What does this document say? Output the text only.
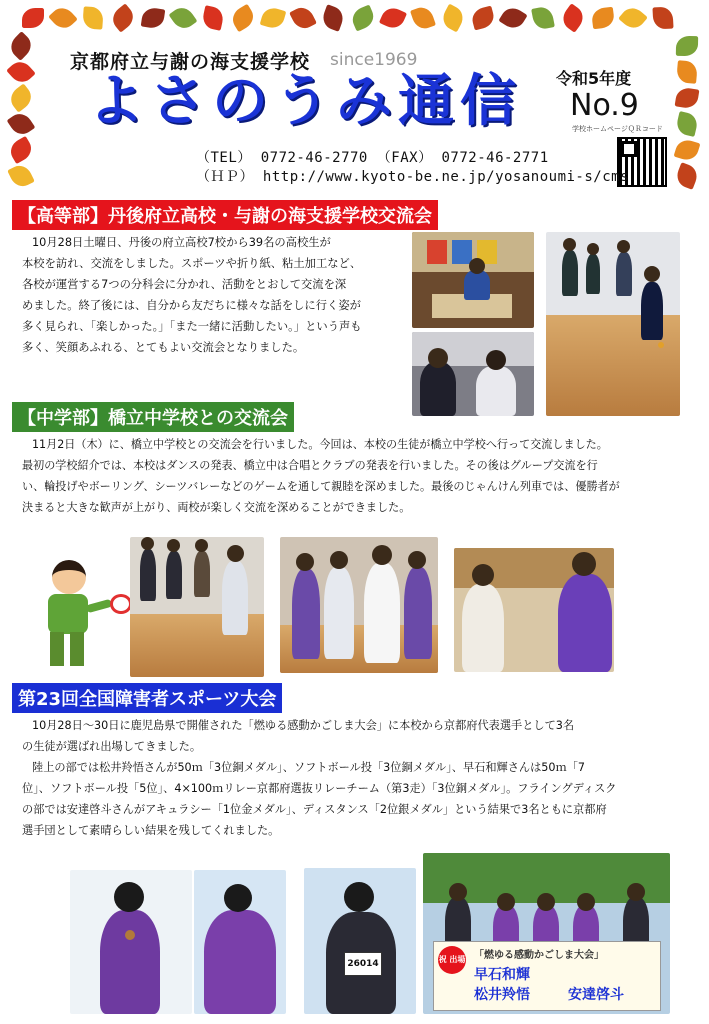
京都府立与謝の海支援学校 since1969
よさのうみ通信 令和5年度
No.9
学校ホームページＱＲコード
（TEL） 0772-46-2770 （FAX） 0772-46-2771
（ＨＰ） http://www.kyoto-be.ne.jp/yosanoumi-s/cms
【高等部】丹後府立高校・与謝の海支援学校交流会
10月28日土曜日、丹後の府立高校7校から39名の高校生が
本校を訪れ、交流をしました。スポーツや折り紙、粘土加工など、
各校が運営する7つの分科会に分かれ、活動をとおして交流を深
めました。終了後には、自分から友だちに様々な話をしに行く姿が
多く見られ、「楽しかった。」「また一緒に活動したい。」という声も
多く、笑顔あふれる、とてもよい交流会となりました。
【中学部】橋立中学校との交流会
11月2日（木）に、橋立中学校との交流会を行いました。今回は、本校の生徒が橋立中学校へ行って交流しました。
最初の学校紹介では、本校はダンスの発表、橋立中は合唱とクラブの発表を行いました。その後はグループ交流を行
い、輪投げやボーリング、シーツバレーなどのゲームを通して親睦を深めました。最後のじゃんけん列車では、優勝者が
決まると大きな歓声が上がり、両校が楽しく交流を深めることができました。
第23回全国障害者スポーツ大会
10月28日～30日に鹿児島県で開催された「燃ゆる感動かごしま大会」に本校から京都府代表選手として3名
の生徒が選ばれ出場してきました。
陸上の部では松井羚悟さんが50ｍ「3位銅メダル」、ソフトボール投「3位銅メダル」、早石和輝さんは50ｍ「7
位」、ソフトボール投「5位」、4×100ｍリレー京都府選抜リレーチーム（第3走）「3位銅メダル」。フライングディスク
の部では安達啓斗さんがアキュラシー「1位金メダル」、ディスタンス「2位銀メダル」という結果で3名ともに京都府
選手団として素晴らしい結果を残してくれました。
26014	祝 出場 「燃ゆる感動かごしま大会」
早石和輝
松井羚悟	安達啓斗
